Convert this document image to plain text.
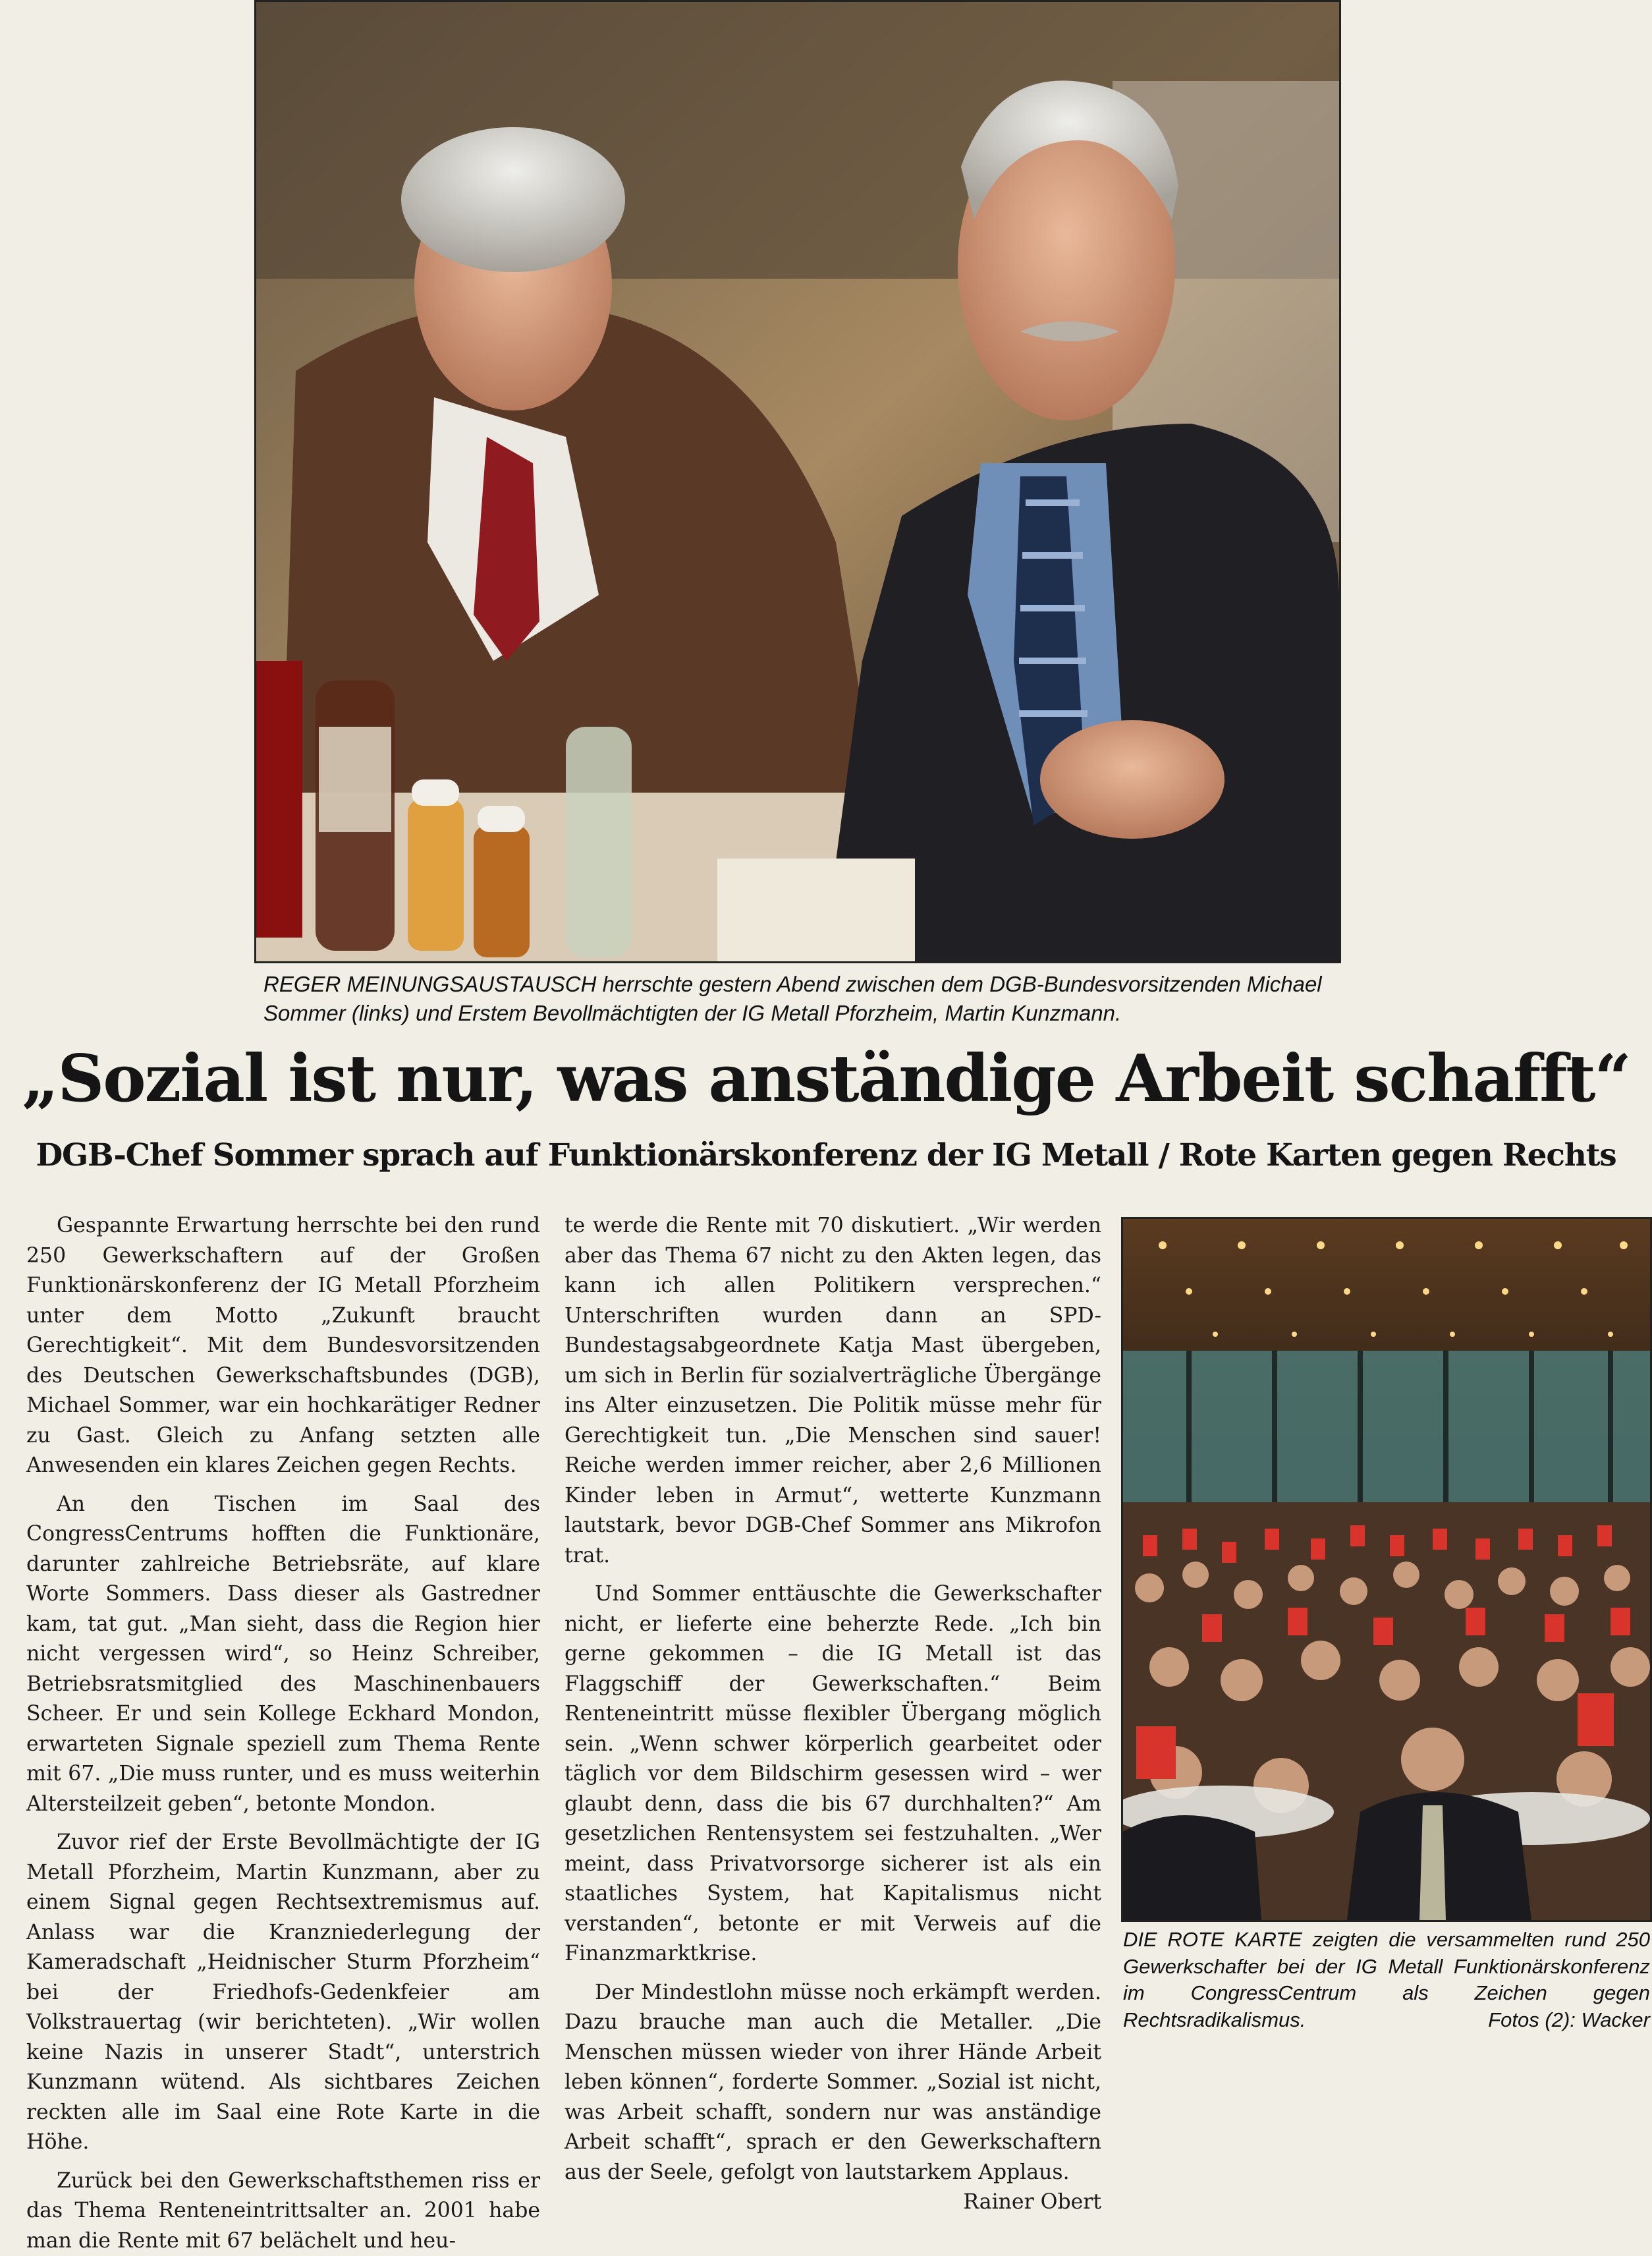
REGER MEINUNGSAUSTAUSCH herrschte gestern Abend zwischen dem DGB-Bundesvorsitzenden Michael Sommer (links) und Erstem Bevollmächtigten der IG Metall Pforzheim, Martin Kunzmann.
„Sozial ist nur, was anständige Arbeit schafft“
DGB-Chef Sommer sprach auf Funktionärskonferenz der IG Metall / Rote Karten gegen Rechts

Gespannte Erwartung herrschte bei den rund 250 Gewerkschaftern auf der Großen Funktionärskonferenz der IG Metall Pforzheim unter dem Motto „Zukunft braucht Gerechtigkeit“. Mit dem Bundesvorsitzenden des Deutschen Gewerkschaftsbundes (DGB), Michael Sommer, war ein hochkarätiger Redner zu Gast. Gleich zu Anfang setzten alle Anwesenden ein klares Zeichen gegen Rechts.

An den Tischen im Saal des CongressCentrums hofften die Funktionäre, darunter zahlreiche Betriebsräte, auf klare Worte Sommers. Dass dieser als Gastredner kam, tat gut. „Man sieht, dass die Region hier nicht vergessen wird“, so Heinz Schreiber, Betriebsratsmitglied des Maschinenbauers Scheer. Er und sein Kollege Eckhard Mondon, erwarteten Signale speziell zum Thema Rente mit 67. „Die muss runter, und es muss weiterhin Altersteilzeit geben“, betonte Mondon.

Zuvor rief der Erste Bevollmächtigte der IG Metall Pforzheim, Martin Kunzmann, aber zu einem Signal gegen Rechtsextremismus auf. Anlass war die Kranzniederlegung der Kameradschaft „Heidnischer Sturm Pforzheim“ bei der Friedhofs-Gedenkfeier am Volkstrauertag (wir berichteten). „Wir wollen keine Nazis in unserer Stadt“, unterstrich Kunzmann wütend. Als sichtbares Zeichen reckten alle im Saal eine Rote Karte in die Höhe.

Zurück bei den Gewerkschaftsthemen riss er das Thema Renteneintrittsalter an. 2001 habe man die Rente mit 67 belächelt und heu-

te werde die Rente mit 70 diskutiert. „Wir werden aber das Thema 67 nicht zu den Akten legen, das kann ich allen Politikern versprechen.“ Unterschriften wurden dann an SPD-Bundestagsabgeordnete Katja Mast übergeben, um sich in Berlin für sozialverträgliche Übergänge ins Alter einzusetzen. Die Politik müsse mehr für Gerechtigkeit tun. „Die Menschen sind sauer! Reiche werden immer reicher, aber 2,6 Millionen Kinder leben in Armut“, wetterte Kunzmann lautstark, bevor DGB-Chef Sommer ans Mikrofon trat.

Und Sommer enttäuschte die Gewerkschafter nicht, er lieferte eine beherzte Rede. „Ich bin gerne gekommen – die IG Metall ist das Flaggschiff der Gewerkschaften.“ Beim Renteneintritt müsse flexibler Übergang möglich sein. „Wenn schwer körperlich gearbeitet oder täglich vor dem Bildschirm gesessen wird – wer glaubt denn, dass die bis 67 durchhalten?“ Am gesetzlichen Rentensystem sei festzuhalten. „Wer meint, dass Privatvorsorge sicherer ist als ein staatliches System, hat Kapitalismus nicht verstanden“, betonte er mit Verweis auf die Finanzmarktkrise.

Der Mindestlohn müsse noch erkämpft werden. Dazu brauche man auch die Metaller. „Die Menschen müssen wieder von ihrer Hände Arbeit leben können“, forderte Sommer. „Sozial ist nicht, was Arbeit schafft, sondern nur was anständige Arbeit schafft“, sprach er den Gewerkschaftern aus der Seele, gefolgt von lautstarkem Applaus.
Rainer Obert

DIE ROTE KARTE zeigten die versammelten rund 250 Gewerkschafter bei der IG Metall Funktionärskonferenz im CongressCentrum als Zeichen gegen Rechtsradikalismus.	Fotos (2): Wacker
